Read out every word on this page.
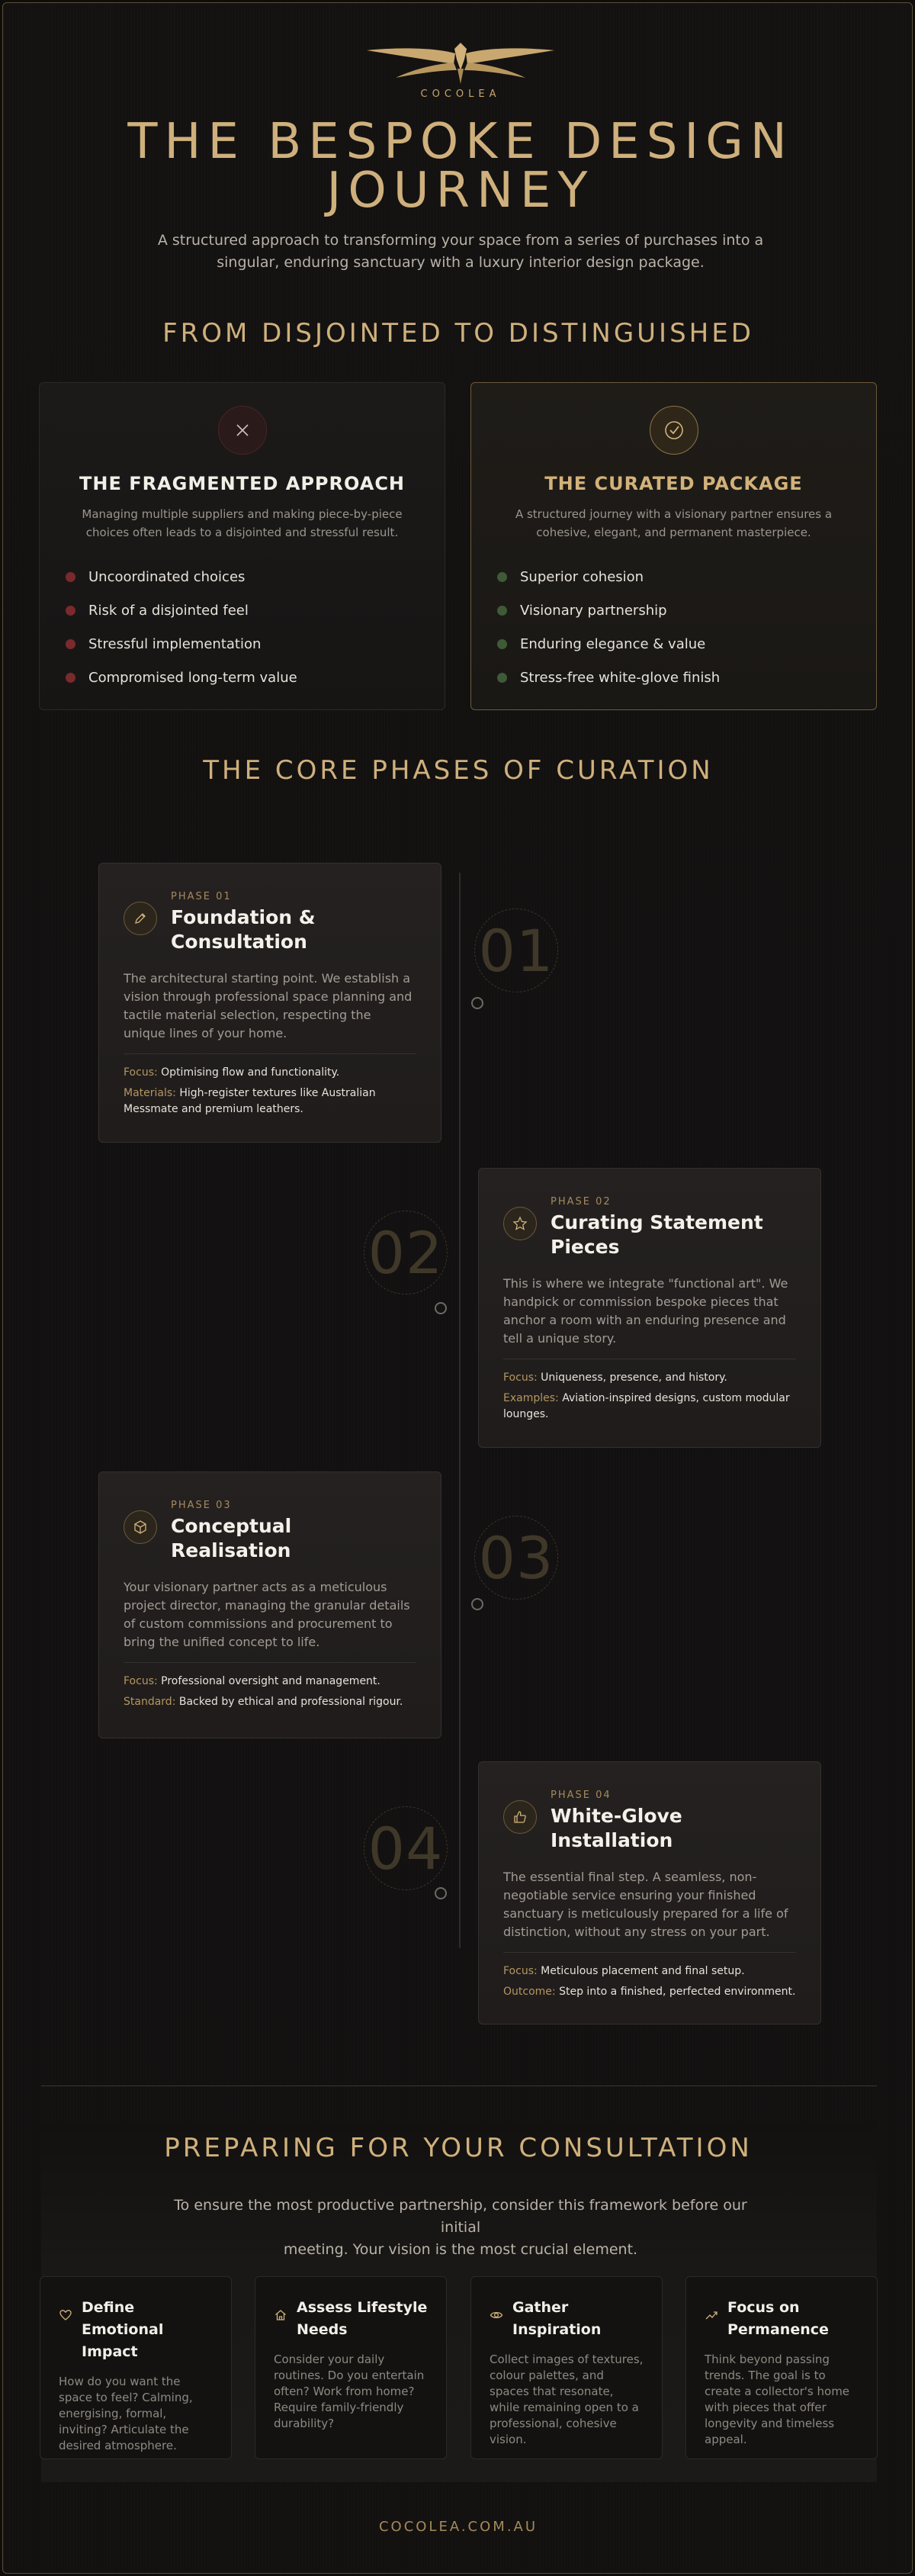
COCOLEA
THE BESPOKE DESIGN
JOURNEY
A structured approach to transforming your space from a series of purchases into a
singular, enduring sanctuary with a luxury interior design package.
FROM DISJOINTED TO DISTINGUISHED
THE FRAGMENTED APPROACH
Managing multiple suppliers and making piece-by-piece
choices often leads to a disjointed and stressful result.
Uncoordinated choices
Risk of a disjointed feel
Stressful implementation
Compromised long-term value
THE CURATED PACKAGE
A structured journey with a visionary partner ensures a
cohesive, elegant, and permanent masterpiece.
Superior cohesion
Visionary partnership
Enduring elegance & value
Stress-free white-glove finish
THE CORE PHASES OF CURATION
PHASE 01
Foundation &
Consultation
The architectural starting point. We establish a vision through professional space planning and tactile material selection, respecting the unique lines of your home.
Focus: Optimising flow and functionality.
Materials: High-register textures like Australian Messmate and premium leathers.
01
PHASE 02
Curating Statement
Pieces
This is where we integrate "functional art". We handpick or commission bespoke pieces that anchor a room with an enduring presence and tell a unique story.
Focus: Uniqueness, presence, and history.
Examples: Aviation-inspired designs, custom modular lounges.
02
PHASE 03
Conceptual
Realisation
Your visionary partner acts as a meticulous project director, managing the granular details of custom commissions and procurement to bring the unified concept to life.
Focus: Professional oversight and management.
Standard: Backed by ethical and professional rigour.
03
PHASE 04
White-Glove
Installation
The essential final step. A seamless, non-negotiable service ensuring your finished sanctuary is meticulously prepared for a life of distinction, without any stress on your part.
Focus: Meticulous placement and final setup.
Outcome: Step into a finished, perfected environment.
04
PREPARING FOR YOUR CONSULTATION
To ensure the most productive partnership, consider this framework before our initial
meeting. Your vision is the most crucial element.
Define Emotional Impact
How do you want the space to feel? Calming, energising, formal, inviting? Articulate the desired atmosphere.
Assess Lifestyle Needs
Consider your daily routines. Do you entertain often? Work from home? Require family-friendly durability?
Gather Inspiration
Collect images of textures, colour palettes, and spaces that resonate, while remaining open to a professional, cohesive vision.
Focus on Permanence
Think beyond passing trends. The goal is to create a collector's home with pieces that offer longevity and timeless appeal.
COCOLEA.COM.AU
